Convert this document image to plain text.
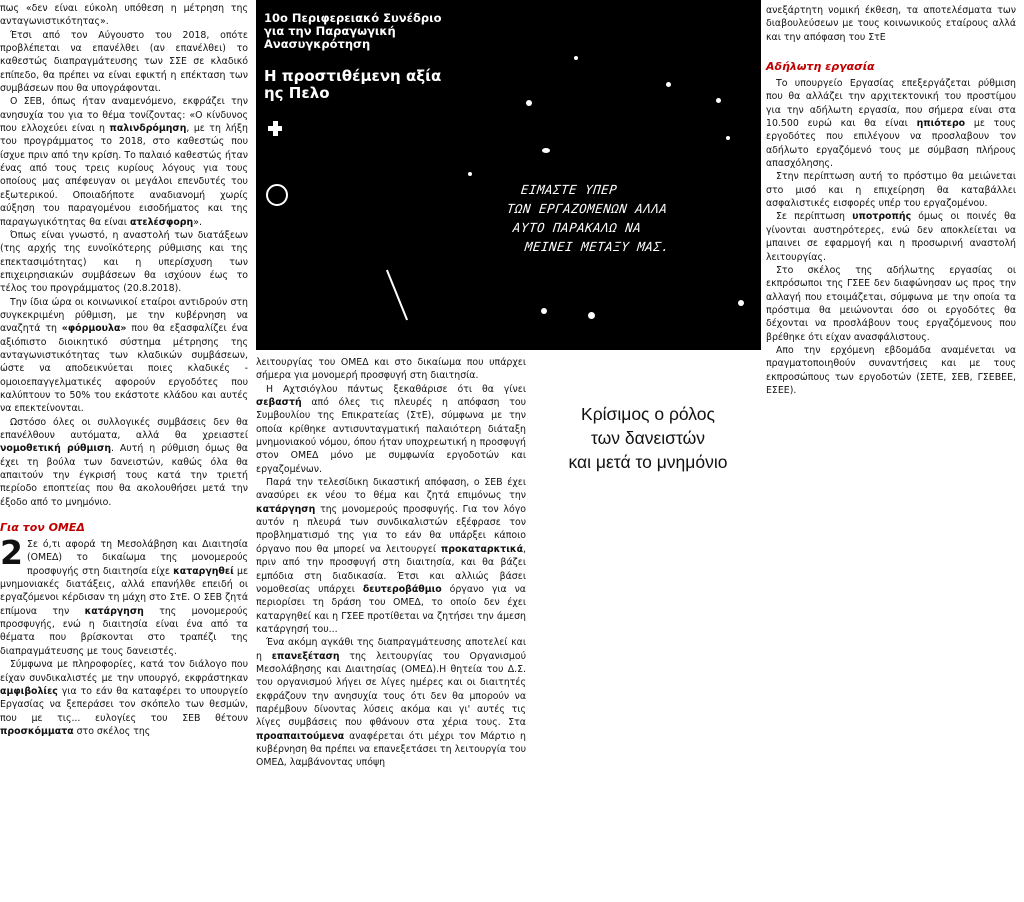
πως «δεν είναι εύκολη υπόθεση η μέτρηση της ανταγωνιστικότητας».

Έτσι από τον Αύγουστο του 2018, οπότε προβλέπεται να επανέλθει (αν επανέλθει) το καθεστώς διαπραγμάτευσης των ΣΣΕ σε κλαδικό επίπεδο, θα πρέπει να είναι εφικτή η επέκταση των συμβάσεων που θα υπογράφονται.

Ο ΣΕΒ, όπως ήταν αναμενόμενο, εκφράζει την ανησυχία του για το θέμα τονίζοντας: «Ο κίνδυνος που ελλοχεύει είναι η παλινδρόμηση, με τη λήξη του προγράμματος το 2018, στο καθεστώς που ίσχυε πριν από την κρίση. Το παλαιό καθεστώς ήταν ένας από τους τρεις κυρίους λόγους για τους οποίους μας απέφευγαν οι μεγάλοι επενδυτές του εξωτερικού. Οποιαδήποτε αναδιανομή χωρίς αύξηση του παραγομένου εισοδήματος και της παραγωγικότητας θα είναι ατελέσφορη».

Όπως είναι γνωστό, η αναστολή των διατάξεων (της αρχής της ευνοϊκότερης ρύθμισης και της επεκτασιμότητας) και η υπερίσχυση των επιχειρησιακών συμβάσεων θα ισχύουν έως το τέλος του προγράμματος (20.8.2018).

Την ίδια ώρα οι κοινωνικοί εταίροι αντιδρούν στη συγκεκριμένη ρύθμιση, με την κυβέρνηση να αναζητά τη «φόρμουλα» που θα εξασφαλίζει ένα αξιόπιστο διοικητικό σύστημα μέτρησης της ανταγωνιστικότητας των κλαδικών συμβάσεων, ώστε να αποδεικνύεται ποιες κλαδικές - ομοιοεπαγγελματικές αφορούν εργοδότες που καλύπτουν το 50% του εκάστοτε κλάδου και αυτές να επεκτείνονται.

Ωστόσο όλες οι συλλογικές συμβάσεις δεν θα επανέλθουν αυτόματα, αλλά θα χρειαστεί νομοθετική ρύθμιση. Αυτή η ρύθμιση όμως θα έχει τη βούλα των δανειστών, καθώς όλα θα απαιτούν την έγκρισή τους κατά την τριετή περίοδο εποπτείας που θα ακολουθήσει μετά την έξοδο από το μνημόνιο.

Για τον ΟΜΕΔ

2 Σε ό,τι αφορά τη Μεσολάβηση και Διαιτησία (ΟΜΕΔ) το δικαίωμα της μονομερούς προσφυγής στη διαιτησία είχε καταργηθεί με μνημονιακές διατάξεις, αλλά επανήλθε επειδή οι εργαζόμενοι κέρδισαν τη μάχη στο ΣτΕ. Ο ΣΕΒ ζητά επίμονα την κατάργηση της μονομερούς προσφυγής, ενώ η διαιτησία είναι ένα από τα θέματα που βρίσκονται στο τραπέζι της διαπραγμάτευσης με τους δανειστές.

Σύμφωνα με πληροφορίες, κατά τον διάλογο που είχαν συνδικαλιστές με την υπουργό, εκφράστηκαν αμφιβολίες για το εάν θα καταφέρει το υπουργείο Εργασίας να ξεπεράσει τον σκόπελο των θεσμών, που με τις... ευλογίες του ΣΕΒ θέτουν προσκόμματα στο σκέλος της

10ο Περιφερειακό Συνέδριο για την Παραγωγική Ανασυγκρότηση
Η προστιθέμενη αξία ης Πελο
ΕΙΜΑΣΤΕ ΥΠΕΡ
ΤΩΝ ΕΡΓΑΖΟΜΕΝΩΝ ΑΛΛΑ
ΑΥΤΟ ΠΑΡΑΚΑΛΩ ΝΑ
ΜΕΙΝΕΙ ΜΕΤΑΞΥ ΜΑΣ.

λειτουργίας του ΟΜΕΔ και στο δικαίωμα που υπάρχει σήμερα για μονομερή προσφυγή στη διαιτησία.

Η Αχτσιόγλου πάντως ξεκαθάρισε ότι θα γίνει σεβαστή από όλες τις πλευρές η απόφαση του Συμβουλίου της Επικρατείας (ΣτΕ), σύμφωνα με την οποία κρίθηκε αντισυνταγματική παλαιότερη διάταξη μνημονιακού νόμου, όπου ήταν υποχρεωτική η προσφυγή στον ΟΜΕΔ μόνο με συμφωνία εργοδοτών και εργαζομένων.

Παρά την τελεσίδικη δικαστική απόφαση, ο ΣΕΒ έχει ανασύρει εκ νέου το θέμα και ζητά επιμόνως την κατάργηση της μονομερούς προσφυγής. Για τον λόγο αυτόν η πλευρά των συνδικαλιστών εξέφρασε τον προβληματισμό της για το εάν θα υπάρξει κάποιο όργανο που θα μπορεί να λειτουργεί προκαταρκτικά, πριν από την προσφυγή στη διαιτησία, και θα βάζει εμπόδια στη διαδικασία. Έτσι και αλλιώς βάσει νομοθεσίας υπάρχει δευτεροβάθμιο όργανο για να περιορίσει τη δράση του ΟΜΕΔ, το οποίο δεν έχει καταργηθεί και η ΓΣΕΕ προτίθεται να ζητήσει την άμεση κατάργησή του...

Ένα ακόμη αγκάθι της διαπραγμάτευσης αποτελεί και η επανεξέταση της λειτουργίας του Οργανισμού Μεσολάβησης και Διαιτησίας (ΟΜΕΔ).Η θητεία του Δ.Σ. του οργανισμού λήγει σε λίγες ημέρες και οι διαιτητές εκφράζουν την ανησυχία τους ότι δεν θα μπορούν να παρέμβουν δίνοντας λύσεις ακόμα και γι' αυτές τις λίγες συμβάσεις που φθάνουν στα χέρια τους. Στα προαπαιτούμενα αναφέρεται ότι μέχρι τον Μάρτιο η κυβέρνηση θα πρέπει να επανεξετάσει τη λειτουργία του ΟΜΕΔ, λαμβάνοντας υπόψη

Κρίσιμος ο ρόλος
των δανειστών
και μετά το μνημόνιο

ανεξάρτητη νομική έκθεση, τα αποτελέσματα των διαβουλεύσεων με τους κοινωνικούς εταίρους αλλά και την απόφαση του ΣτΕ

Αδήλωτη εργασία

Το υπουργείο Εργασίας επεξεργάζεται ρύθμιση που θα αλλάζει την αρχιτεκτονική του προστίμου για την αδήλωτη εργασία, που σήμερα είναι στα 10.500 ευρώ και θα είναι ηπιότερο με τους εργοδότες που επιλέγουν να προσλαβουν τον αδήλωτο εργαζόμενό τους με σύμβαση πλήρους απασχόλησης.

Στην περίπτωση αυτή το πρόστιμο θα μειώνεται στο μισό και η επιχείρηση θα καταβάλλει ασφαλιστικές εισφορές υπέρ του εργαζομένου.

Σε περίπτωση υποτροπής όμως οι ποινές θα γίνονται αυστηρότερες, ενώ δεν αποκλείεται να μπαινει σε εφαρμογή και η προσωρινή αναστολή λειτουργίας.

Στο σκέλος της αδήλωτης εργασίας οι εκπρόσωποι της ΓΣΕΕ δεν διαφώνησαν ως προς την αλλαγή που ετοιμάζεται, σύμφωνα με την οποία τα πρόστιμα θα μειώνονται όσο οι εργοδότες θα δέχονται να προσλάβουν τους εργαζόμενους που βρέθηκε ότι είχαν ανασφάλιστους.

Απο την ερχόμενη εβδομάδα αναμένεται να πραγματοποιηθούν συναντήσεις και με τους εκπροσώπους των εργοδοτών (ΣΕΤΕ, ΣΕΒ, ΓΣΕΒΕΕ, ΕΣΕΕ).
